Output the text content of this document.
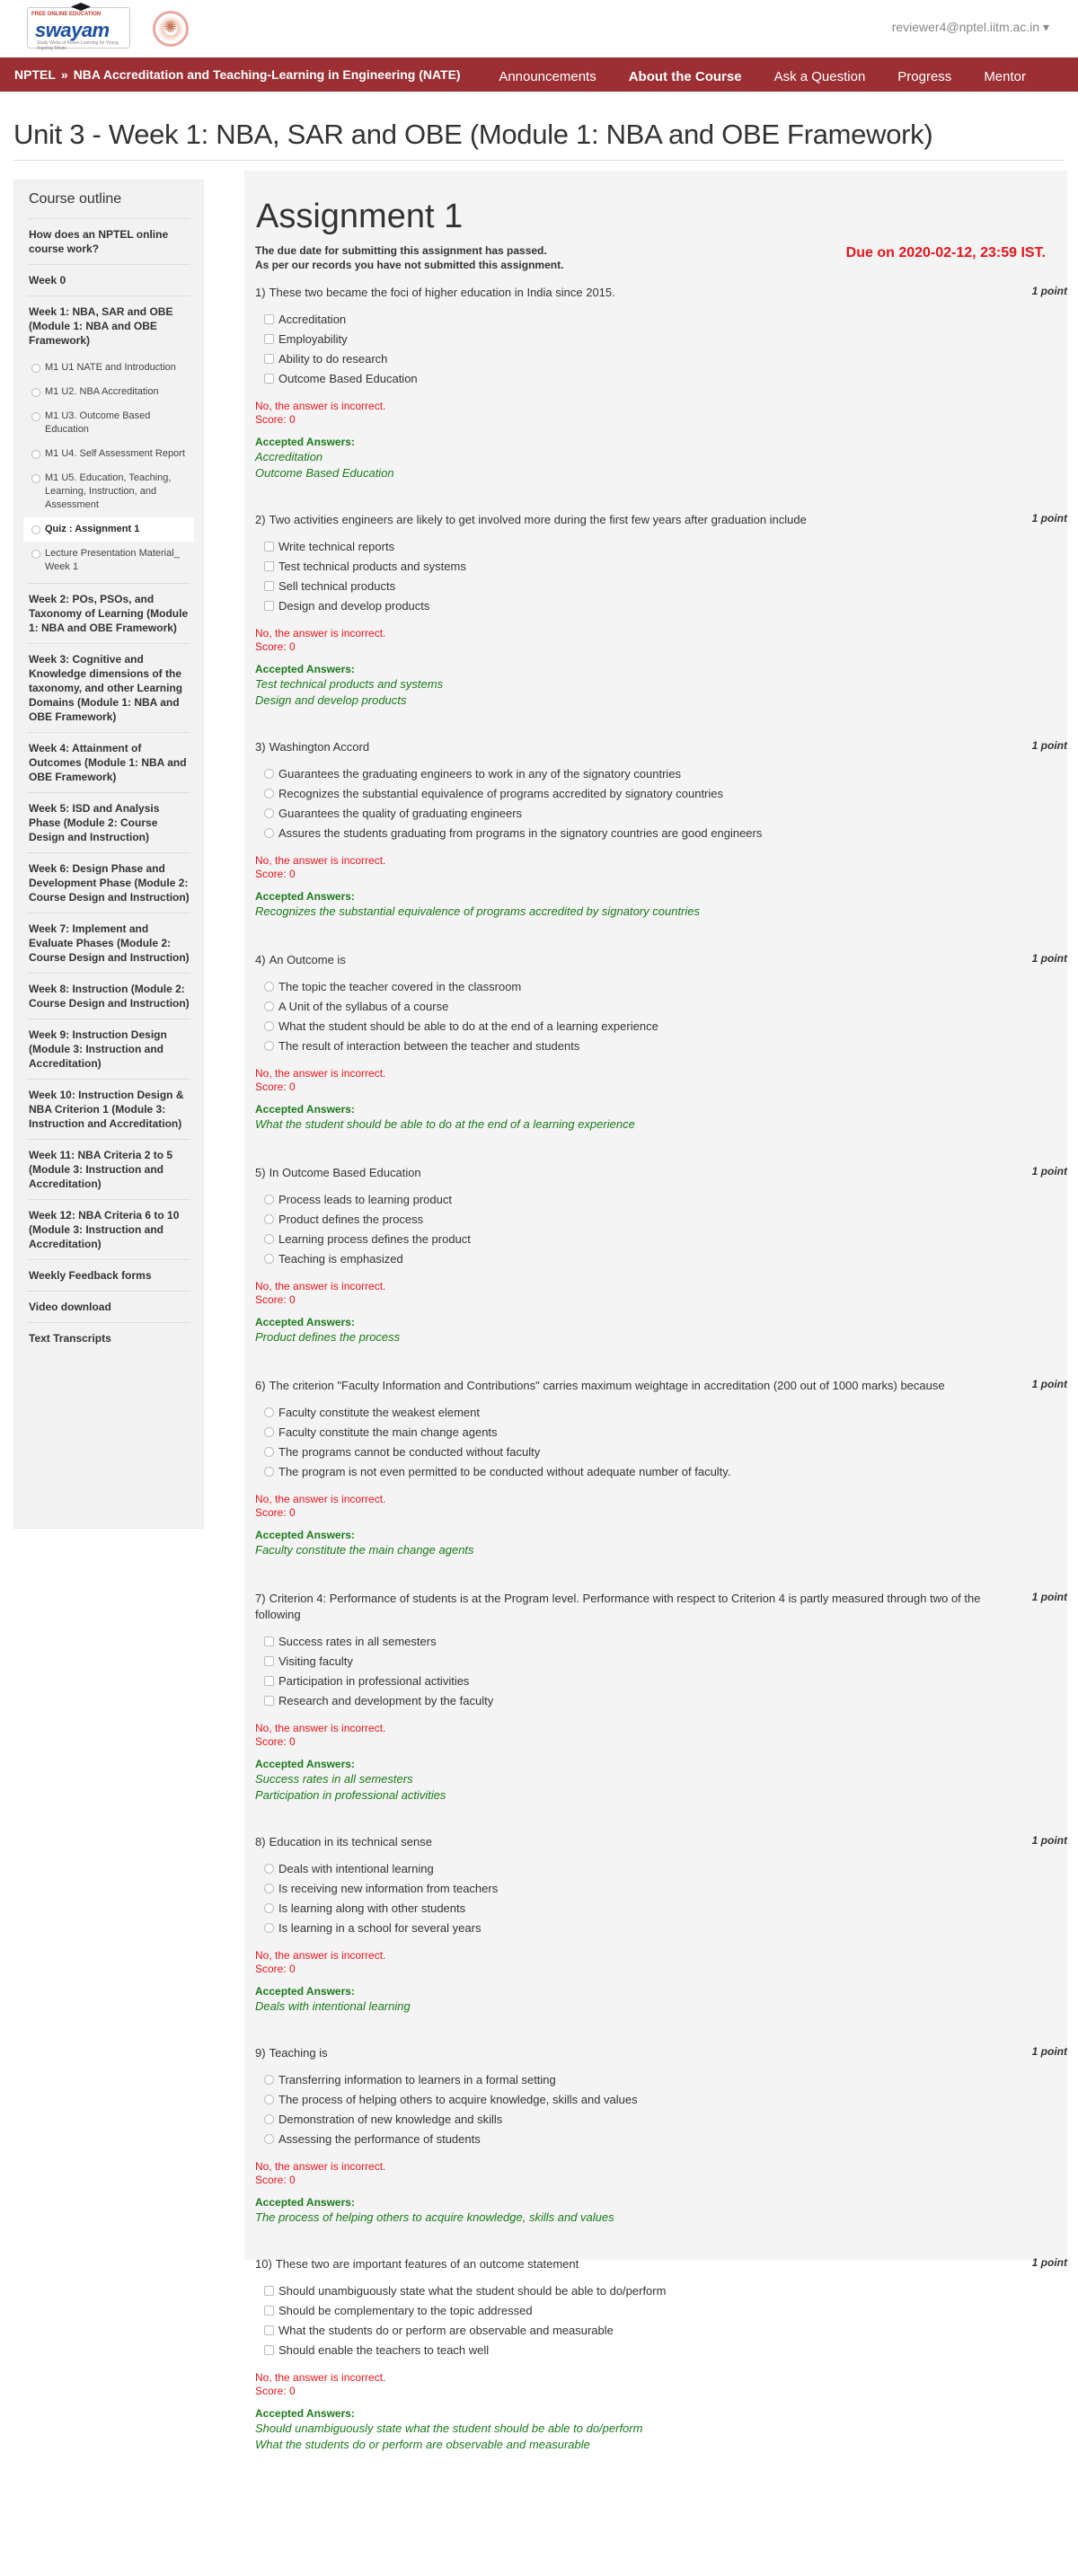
FREE ONLINE EDUCATION
swayam
Study Webs of Active-Learning for Young Aspiring Minds
✺
reviewer4@nptel.iitm.ac.in ▾
NPTEL » NBA Accreditation and Teaching-Learning in Engineering (NATE)	Announcements	About the Course	Ask a Question	Progress	Mentor
Unit 3 - Week 1: NBA, SAR and OBE (Module 1: NBA and OBE Framework)
Course outline
How does an NPTEL online course work?
Week 0
Week 1: NBA, SAR and OBE (Module 1: NBA and OBE Framework)
M1 U1 NATE and Introduction
M1 U2. NBA Accreditation
M1 U3. Outcome Based Education
M1 U4. Self Assessment Report
M1 U5. Education, Teaching, Learning, Instruction, and Assessment
Quiz : Assignment 1
Lecture Presentation Material_ Week 1
Week 2: POs, PSOs, and Taxonomy of Learning (Module 1: NBA and OBE Framework)
Week 3: Cognitive and Knowledge dimensions of the taxonomy, and other Learning Domains (Module 1: NBA and OBE Framework)
Week 4: Attainment of Outcomes (Module 1: NBA and OBE Framework)
Week 5: ISD and Analysis Phase (Module 2: Course Design and Instruction)
Week 6: Design Phase and Development Phase (Module 2: Course Design and Instruction)
Week 7: Implement and Evaluate Phases (Module 2: Course Design and Instruction)
Week 8: Instruction (Module 2: Course Design and Instruction)
Week 9: Instruction Design (Module 3: Instruction and Accreditation)
Week 10: Instruction Design & NBA Criterion 1 (Module 3: Instruction and Accreditation)
Week 11: NBA Criteria 2 to 5 (Module 3: Instruction and Accreditation)
Week 12: NBA Criteria 6 to 10 (Module 3: Instruction and Accreditation)
Weekly Feedback forms
Video download
Text Transcripts
Assignment 1
The due date for submitting this assignment has passed.
As per our records you have not submitted this assignment.
Due on 2020-02-12, 23:59 IST.
1) These two became the foci of higher education in India since 2015.	1 point
Accreditation
Employability
Ability to do research
Outcome Based Education
No, the answer is incorrect.
Score: 0
Accepted Answers:
Accreditation
Outcome Based Education
2) Two activities engineers are likely to get involved more during the first few years after graduation include	1 point
Write technical reports
Test technical products and systems
Sell technical products
Design and develop products
No, the answer is incorrect.
Score: 0
Accepted Answers:
Test technical products and systems
Design and develop products
3) Washington Accord	1 point
Guarantees the graduating engineers to work in any of the signatory countries
Recognizes the substantial equivalence of programs accredited by signatory countries
Guarantees the quality of graduating engineers
Assures the students graduating from programs in the signatory countries are good engineers
No, the answer is incorrect.
Score: 0
Accepted Answers:
Recognizes the substantial equivalence of programs accredited by signatory countries
4) An Outcome is	1 point
The topic the teacher covered in the classroom
A Unit of the syllabus of a course
What the student should be able to do at the end of a learning experience
The result of interaction between the teacher and students
No, the answer is incorrect.
Score: 0
Accepted Answers:
What the student should be able to do at the end of a learning experience
5) In Outcome Based Education	1 point
Process leads to learning product
Product defines the process
Learning process defines the product
Teaching is emphasized
No, the answer is incorrect.
Score: 0
Accepted Answers:
Product defines the process
6) The criterion "Faculty Information and Contributions" carries maximum weightage in accreditation (200 out of 1000 marks) because	1 point
Faculty constitute the weakest element
Faculty constitute the main change agents
The programs cannot be conducted without faculty
The program is not even permitted to be conducted without adequate number of faculty.
No, the answer is incorrect.
Score: 0
Accepted Answers:
Faculty constitute the main change agents
7) Criterion 4: Performance of students is at the Program level. Performance with respect to Criterion 4 is partly measured through two of the following
1 point
Success rates in all semesters
Visiting faculty
Participation in professional activities
Research and development by the faculty
No, the answer is incorrect.
Score: 0
Accepted Answers:
Success rates in all semesters
Participation in professional activities
8) Education in its technical sense	1 point
Deals with intentional learning
Is receiving new information from teachers
Is learning along with other students
Is learning in a school for several years
No, the answer is incorrect.
Score: 0
Accepted Answers:
Deals with intentional learning
9) Teaching is	1 point
Transferring information to learners in a formal setting
The process of helping others to acquire knowledge, skills and values
Demonstration of new knowledge and skills
Assessing the performance of students
No, the answer is incorrect.
Score: 0
Accepted Answers:
The process of helping others to acquire knowledge, skills and values
10) These two are important features of an outcome statement	1 point
Should unambiguously state what the student should be able to do/perform
Should be complementary to the topic addressed
What the students do or perform are observable and measurable
Should enable the teachers to teach well
No, the answer is incorrect.
Score: 0
Accepted Answers:
Should unambiguously state what the student should be able to do/perform
What the students do or perform are observable and measurable
